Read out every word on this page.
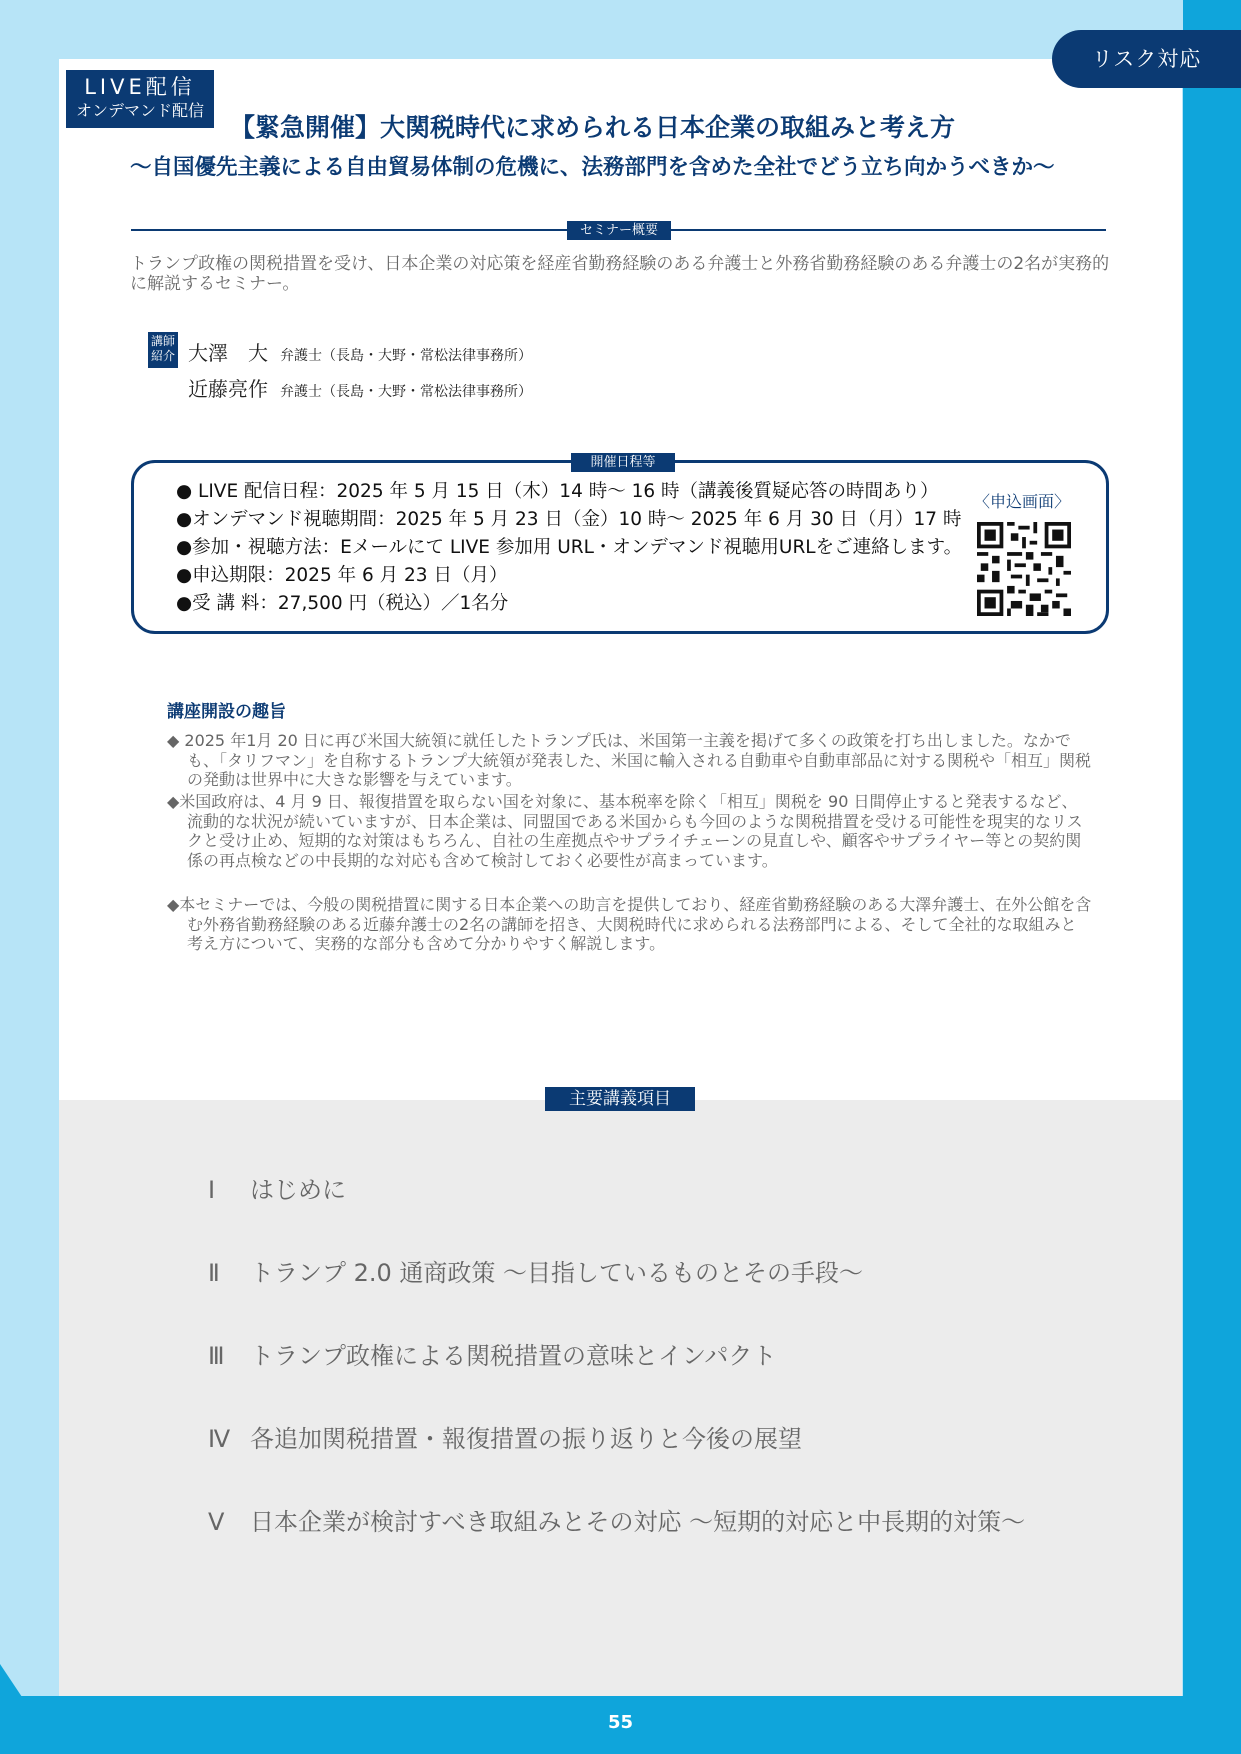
リスク対応
LIVE配信
オンデマンド配信
【緊急開催】大関税時代に求められる日本企業の取組みと考え方
〜自国優先主義による自由貿易体制の危機に、法務部門を含めた全社でどう立ち向かうべきか〜
セミナー概要
トランプ政権の関税措置を受け、日本企業の対応策を経産省勤務経験のある弁護士と外務省勤務経験のある弁護士の2名が実務的に解説するセミナー。
講師紹介 大澤　大 弁護士（長島・大野・常松法律事務所）
近藤亮作 弁護士（長島・大野・常松法律事務所）
開催日程等
● LIVE 配信日程：2025 年 5 月 15 日（木）14 時〜 16 時（講義後質疑応答の時間あり）
●オンデマンド視聴期間：2025 年 5 月 23 日（金）10 時〜 2025 年 6 月 30 日（月）17 時
●参加・視聴方法：Eメールにて LIVE 参加用 URL・オンデマンド視聴用URLをご連絡します。
●申込期限：2025 年 6 月 23 日（月）
●受 講 料：27,500 円（税込）／1名分
〈申込画面〉
講座開設の趣旨
◆ 2025 年1月 20 日に再び米国大統領に就任したトランプ氏は、米国第一主義を掲げて多くの政策を打ち出しました。なかでも、「タリフマン」を自称するトランプ大統領が発表した、米国に輸入される自動車や自動車部品に対する関税や「相互」関税の発動は世界中に大きな影響を与えています。
◆米国政府は、4 月 9 日、報復措置を取らない国を対象に、基本税率を除く「相互」関税を 90 日間停止すると発表するなど、流動的な状況が続いていますが、日本企業は、同盟国である米国からも今回のような関税措置を受ける可能性を現実的なリスクと受け止め、短期的な対策はもちろん、自社の生産拠点やサプライチェーンの見直しや、顧客やサプライヤー等との契約関係の再点検などの中長期的な対応も含めて検討しておく必要性が高まっています。
◆本セミナーでは、今般の関税措置に関する日本企業への助言を提供しており、経産省勤務経験のある大澤弁護士、在外公館を含む外務省勤務経験のある近藤弁護士の2名の講師を招き、大関税時代に求められる法務部門による、そして全社的な取組みと考え方について、実務的な部分も含めて分かりやすく解説します。
主要講義項目
Ⅰ はじめに
Ⅱ トランプ 2.0 通商政策 〜目指しているものとその手段〜
Ⅲ トランプ政権による関税措置の意味とインパクト
Ⅳ 各追加関税措置・報復措置の振り返りと今後の展望
Ⅴ 日本企業が検討すべき取組みとその対応 〜短期的対応と中長期的対策〜
55
